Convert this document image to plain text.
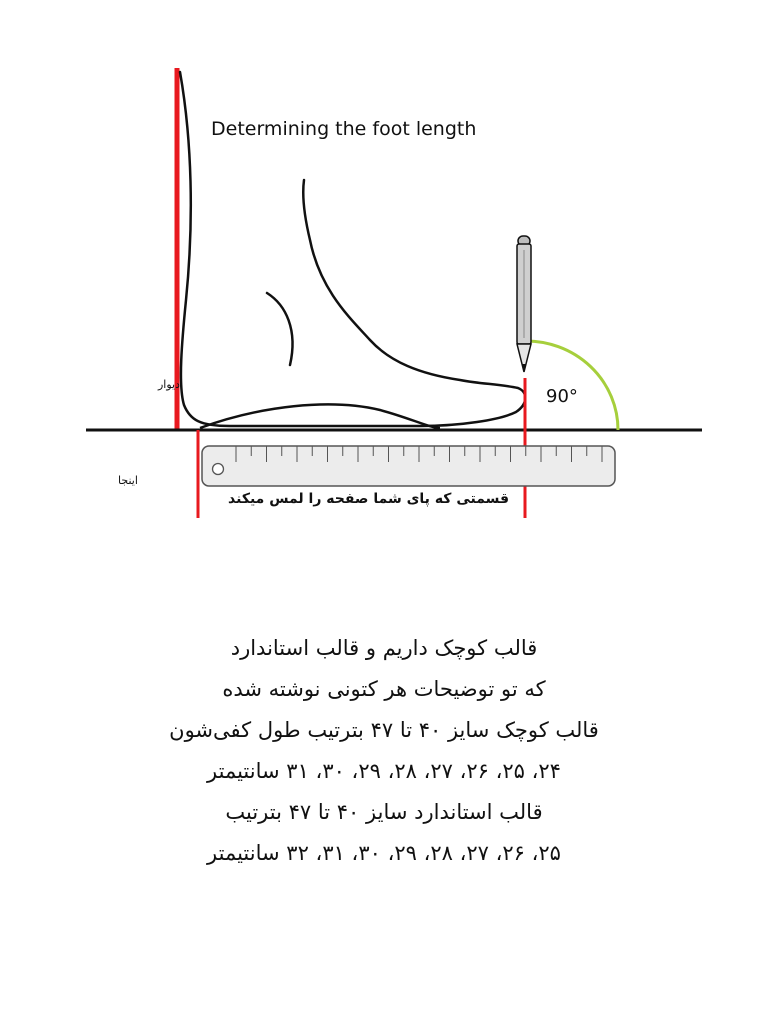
Determining the foot length
90°
دیوار
اینجا
قسمتی که پای شما صفحه را لمس میکند
قالب کوچک داریم و قالب استاندارد
که تو توضیحات هر کتونی نوشته شده
قالب کوچک سایز ۴۰ تا ۴۷ بترتیب طول کفی‌شون
۲۴، ۲۵، ۲۶، ۲۷، ۲۸، ۲۹، ۳۰، ۳۱ سانتیمتر
قالب استاندارد سایز ۴۰ تا ۴۷ بترتیب
۲۵، ۲۶، ۲۷، ۲۸، ۲۹، ۳۰، ۳۱، ۳۲ سانتیمتر
